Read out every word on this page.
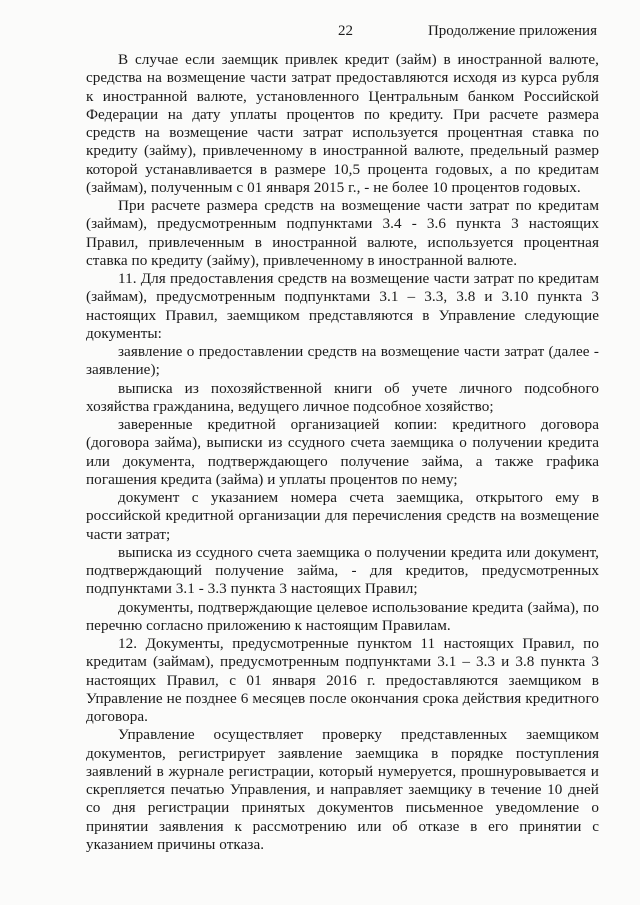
22	Продолжение приложения

В случае если заемщик привлек кредит (займ) в иностранной валюте, средства на возмещение части затрат предоставляются исходя из курса рубля к иностранной валюте, установленного Центральным банком Российской Федерации на дату уплаты процентов по кредиту. При расчете размера средств на возмещение части затрат используется процентная ставка по кредиту (займу), привлеченному в иностранной валюте, предельный размер которой устанавливается в размере 10,5 процента годовых, а по кредитам (займам), полученным с 01 января 2015 г., - не более 10 процентов годовых.

При расчете размера средств на возмещение части затрат по кредитам (займам), предусмотренным подпунктами 3.4 - 3.6 пункта 3 настоящих Правил, привлеченным в иностранной валюте, используется процентная ставка по кредиту (займу), привлеченному в иностранной валюте.

11. Для предоставления средств на возмещение части затрат по кредитам (займам), предусмотренным подпунктами 3.1 – 3.3, 3.8 и 3.10 пункта 3 настоящих Правил, заемщиком представляются в Управление следующие документы:

заявление о предоставлении средств на возмещение части затрат (далее - заявление);

выписка из похозяйственной книги об учете личного подсобного хозяйства гражданина, ведущего личное подсобное хозяйство;

заверенные кредитной организацией копии: кредитного договора (договора займа), выписки из ссудного счета заемщика о получении кредита или документа, подтверждающего получение займа, а также графика погашения кредита (займа) и уплаты процентов по нему;

документ с указанием номера счета заемщика, открытого ему в российской кредитной организации для перечисления средств на возмещение части затрат;

выписка из ссудного счета заемщика о получении кредита или документ, подтверждающий получение займа, - для кредитов, предусмотренных подпунктами 3.1 - 3.3 пункта 3 настоящих Правил;

документы, подтверждающие целевое использование кредита (займа), по перечню согласно приложению к настоящим Правилам.

12. Документы, предусмотренные пунктом 11 настоящих Правил, по кредитам (займам), предусмотренным подпунктами 3.1 – 3.3 и 3.8 пункта 3 настоящих Правил, с 01 января 2016 г. предоставляются заемщиком в Управление не позднее 6 месяцев после окончания срока действия кредитного договора.

Управление осуществляет проверку представленных заемщиком документов, регистрирует заявление заемщика в порядке поступления заявлений в журнале регистрации, который нумеруется, прошнуровывается и скрепляется печатью Управления, и направляет заемщику в течение 10 дней со дня регистрации принятых документов письменное уведомление о принятии заявления к рассмотрению или об отказе в его принятии с указанием причины отказа.
